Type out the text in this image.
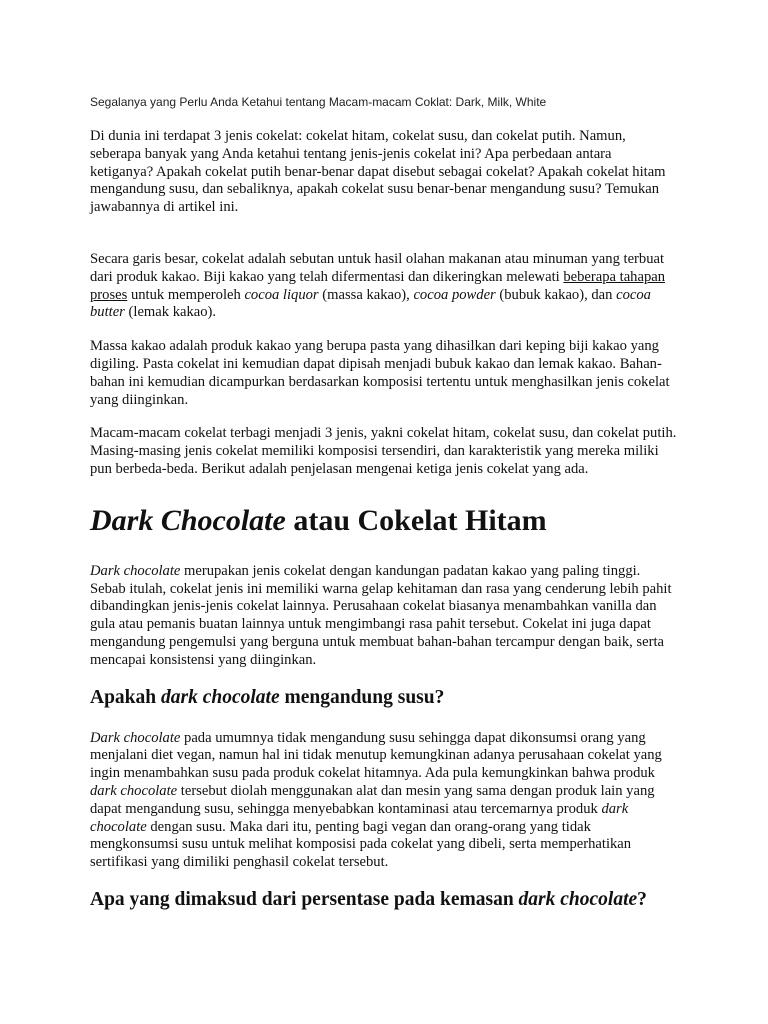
Segalanya yang Perlu Anda Ketahui tentang Macam-macam Coklat: Dark, Milk, White

Di dunia ini terdapat 3 jenis cokelat: cokelat hitam, cokelat susu, dan cokelat putih. Namun, seberapa banyak yang Anda ketahui tentang jenis-jenis cokelat ini? Apa perbedaan antara ketiganya? Apakah cokelat putih benar-benar dapat disebut sebagai cokelat? Apakah cokelat hitam mengandung susu, dan sebaliknya, apakah cokelat susu benar-benar mengandung susu? Temukan jawabannya di artikel ini.

Secara garis besar, cokelat adalah sebutan untuk hasil olahan makanan atau minuman yang terbuat dari produk kakao. Biji kakao yang telah difermentasi dan dikeringkan melewati beberapa tahapan proses untuk memperoleh cocoa liquor (massa kakao), cocoa powder (bubuk kakao), dan cocoa butter (lemak kakao).

Massa kakao adalah produk kakao yang berupa pasta yang dihasilkan dari keping biji kakao yang digiling. Pasta cokelat ini kemudian dapat dipisah menjadi bubuk kakao dan lemak kakao. Bahan-bahan ini kemudian dicampurkan berdasarkan komposisi tertentu untuk menghasilkan jenis cokelat yang diinginkan.

Macam-macam cokelat terbagi menjadi 3 jenis, yakni cokelat hitam, cokelat susu, dan cokelat putih. Masing-masing jenis cokelat memiliki komposisi tersendiri, dan karakteristik yang mereka miliki pun berbeda-beda. Berikut adalah penjelasan mengenai ketiga jenis cokelat yang ada.

Dark Chocolate atau Cokelat Hitam

Dark chocolate merupakan jenis cokelat dengan kandungan padatan kakao yang paling tinggi. Sebab itulah, cokelat jenis ini memiliki warna gelap kehitaman dan rasa yang cenderung lebih pahit dibandingkan jenis-jenis cokelat lainnya. Perusahaan cokelat biasanya menambahkan vanilla dan gula atau pemanis buatan lainnya untuk mengimbangi rasa pahit tersebut. Cokelat ini juga dapat mengandung pengemulsi yang berguna untuk membuat bahan-bahan tercampur dengan baik, serta mencapai konsistensi yang diinginkan.

Apakah dark chocolate mengandung susu?

Dark chocolate pada umumnya tidak mengandung susu sehingga dapat dikonsumsi orang yang menjalani diet vegan, namun hal ini tidak menutup kemungkinan adanya perusahaan cokelat yang ingin menambahkan susu pada produk cokelat hitamnya. Ada pula kemungkinkan bahwa produk dark chocolate tersebut diolah menggunakan alat dan mesin yang sama dengan produk lain yang dapat mengandung susu, sehingga menyebabkan kontaminasi atau tercemarnya produk dark chocolate dengan susu. Maka dari itu, penting bagi vegan dan orang-orang yang tidak mengkonsumsi susu untuk melihat komposisi pada cokelat yang dibeli, serta memperhatikan sertifikasi yang dimiliki penghasil cokelat tersebut.

Apa yang dimaksud dari persentase pada kemasan dark chocolate?
